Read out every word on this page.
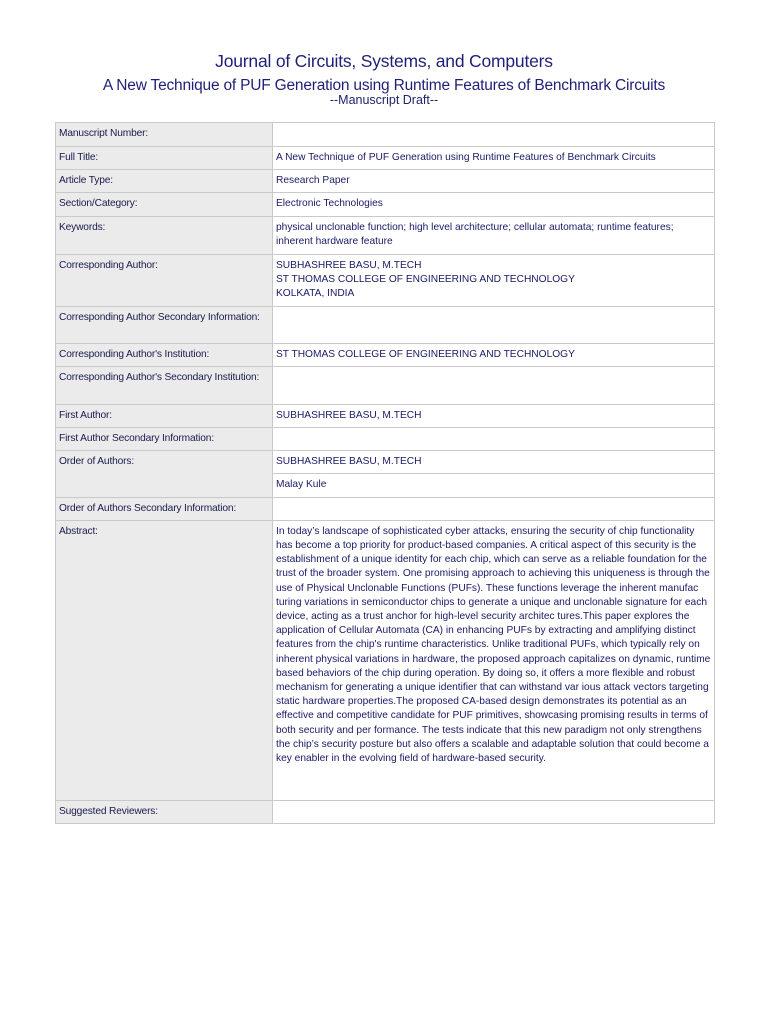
Journal of Circuits, Systems, and Computers
A New Technique of PUF Generation using Runtime Features of Benchmark Circuits
--Manuscript Draft--
Manuscript Number:	
Full Title:	A New Technique of PUF Generation using Runtime Features of Benchmark Circuits
Article Type:	Research Paper
Section/Category:	Electronic Technologies
Keywords:	physical unclonable function; high level architecture; cellular automata; runtime features; inherent hardware feature
Corresponding Author:	SUBHASHREE BASU, M.TECH
ST THOMAS COLLEGE OF ENGINEERING AND TECHNOLOGY
KOLKATA, INDIA

Corresponding Author Secondary Information:	
Corresponding Author's Institution:	ST THOMAS COLLEGE OF ENGINEERING AND TECHNOLOGY
Corresponding Author's Secondary Institution:	
First Author:	SUBHASHREE BASU, M.TECH
First Author Secondary Information:	
Order of Authors:	SUBHASHREE BASU, M.TECH
	Malay Kule
Order of Authors Secondary Information:	
Abstract:	In today’s landscape of sophisticated cyber attacks, ensuring the security of chip functionality has become a top priority for product-based companies. A critical aspect of this security is the establishment of a unique identity for each chip, which can serve as a reliable foundation for the trust of the broader system. One promising approach to achieving this uniqueness is through the use of Physical Unclonable Functions (PUFs). These functions leverage the inherent manufac turing variations in semiconductor chips to generate a unique and unclonable signature for each device, acting as a trust anchor for high-level security architec tures.This paper explores the application of Cellular Automata (CA) in enhancing PUFs by extracting and amplifying distinct features from the chip's runtime characteristics. Unlike traditional PUFs, which typically rely on inherent physical variations in hardware, the proposed approach capitalizes on dynamic, runtime based behaviors of the chip during operation. By doing so, it offers a more flexible and robust mechanism for generating a unique identifier that can withstand var ious attack vectors targeting static hardware properties.The proposed CA-based design demonstrates its potential as an effective and competitive candidate for PUF primitives, showcasing promising results in terms of both security and per formance. The tests indicate that this new paradigm not only strengthens the chip’s security posture but also offers a scalable and adaptable solution that could become a key enabler in the evolving field of hardware-based security.
Suggested Reviewers:	
